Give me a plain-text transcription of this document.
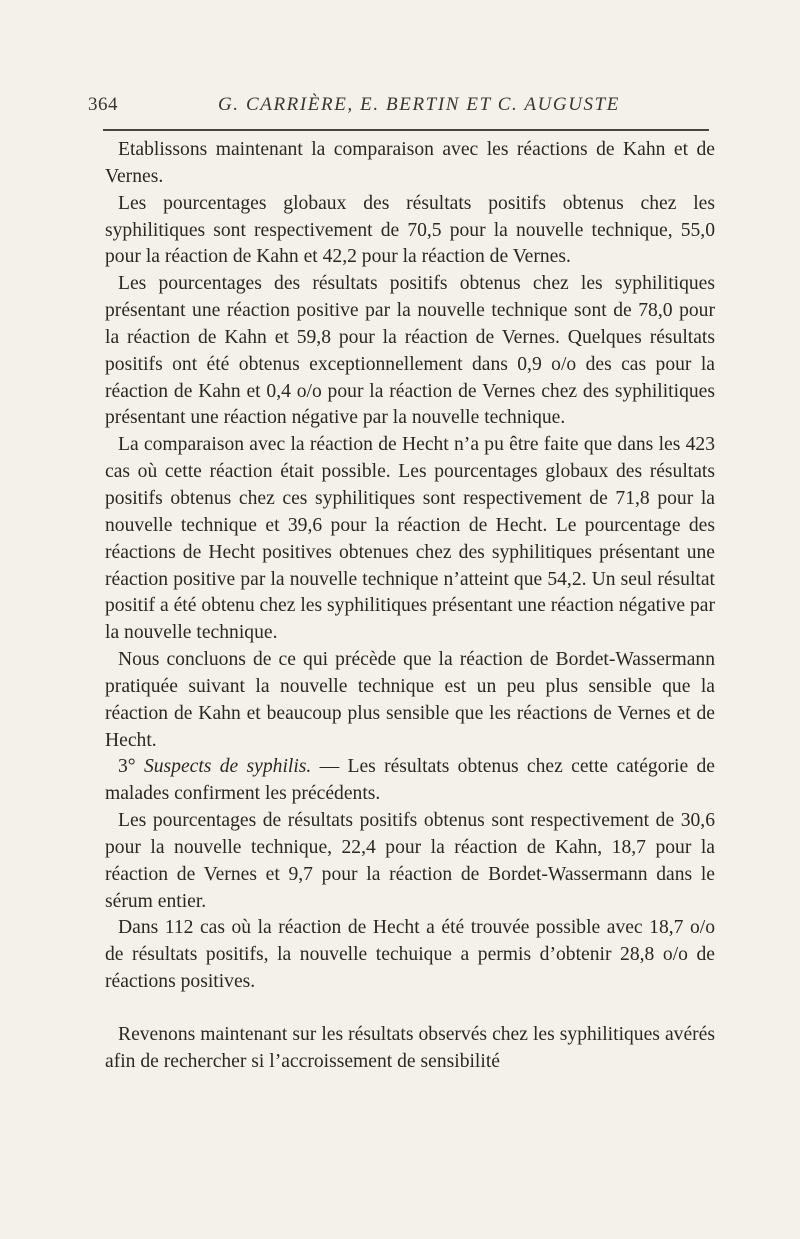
364	G. CARRIÈRE, E. BERTIN ET C. AUGUSTE

Etablissons maintenant la comparaison avec les réactions de Kahn et de Vernes.

Les pourcentages globaux des résultats positifs obtenus chez les syphilitiques sont respectivement de 70,5 pour la nouvelle technique, 55,0 pour la réaction de Kahn et 42,2 pour la réaction de Vernes.

Les pourcentages des résultats positifs obtenus chez les syphilitiques présentant une réaction positive par la nouvelle technique sont de 78,0 pour la réaction de Kahn et 59,8 pour la réaction de Vernes. Quelques résultats positifs ont été obtenus exceptionnellement dans 0,9 o/o des cas pour la réaction de Kahn et 0,4 o/o pour la réaction de Vernes chez des syphilitiques présentant une réaction négative par la nouvelle technique.

La comparaison avec la réaction de Hecht n’a pu être faite que dans les 423 cas où cette réaction était possible. Les pourcentages globaux des résultats positifs obtenus chez ces syphilitiques sont respectivement de 71,8 pour la nouvelle technique et 39,6 pour la réaction de Hecht. Le pourcentage des réactions de Hecht positives obtenues chez des syphilitiques présentant une réaction positive par la nouvelle technique n’atteint que 54,2. Un seul résultat positif a été obtenu chez les syphilitiques présentant une réaction négative par la nouvelle technique.

Nous concluons de ce qui précède que la réaction de Bordet-Wassermann pratiquée suivant la nouvelle technique est un peu plus sensible que la réaction de Kahn et beaucoup plus sensible que les réactions de Vernes et de Hecht.

3° Suspects de syphilis. — Les résultats obtenus chez cette catégorie de malades confirment les précédents.

Les pourcentages de résultats positifs obtenus sont respectivement de 30,6 pour la nouvelle technique, 22,4 pour la réaction de Kahn, 18,7 pour la réaction de Vernes et 9,7 pour la réaction de Bordet-Wassermann dans le sérum entier.

Dans 112 cas où la réaction de Hecht a été trouvée possible avec 18,7 o/o de résultats positifs, la nouvelle techuique a permis d’obtenir 28,8 o/o de réactions positives.

Revenons maintenant sur les résultats observés chez les syphilitiques avérés afin de rechercher si l’accroissement de sensibilité
